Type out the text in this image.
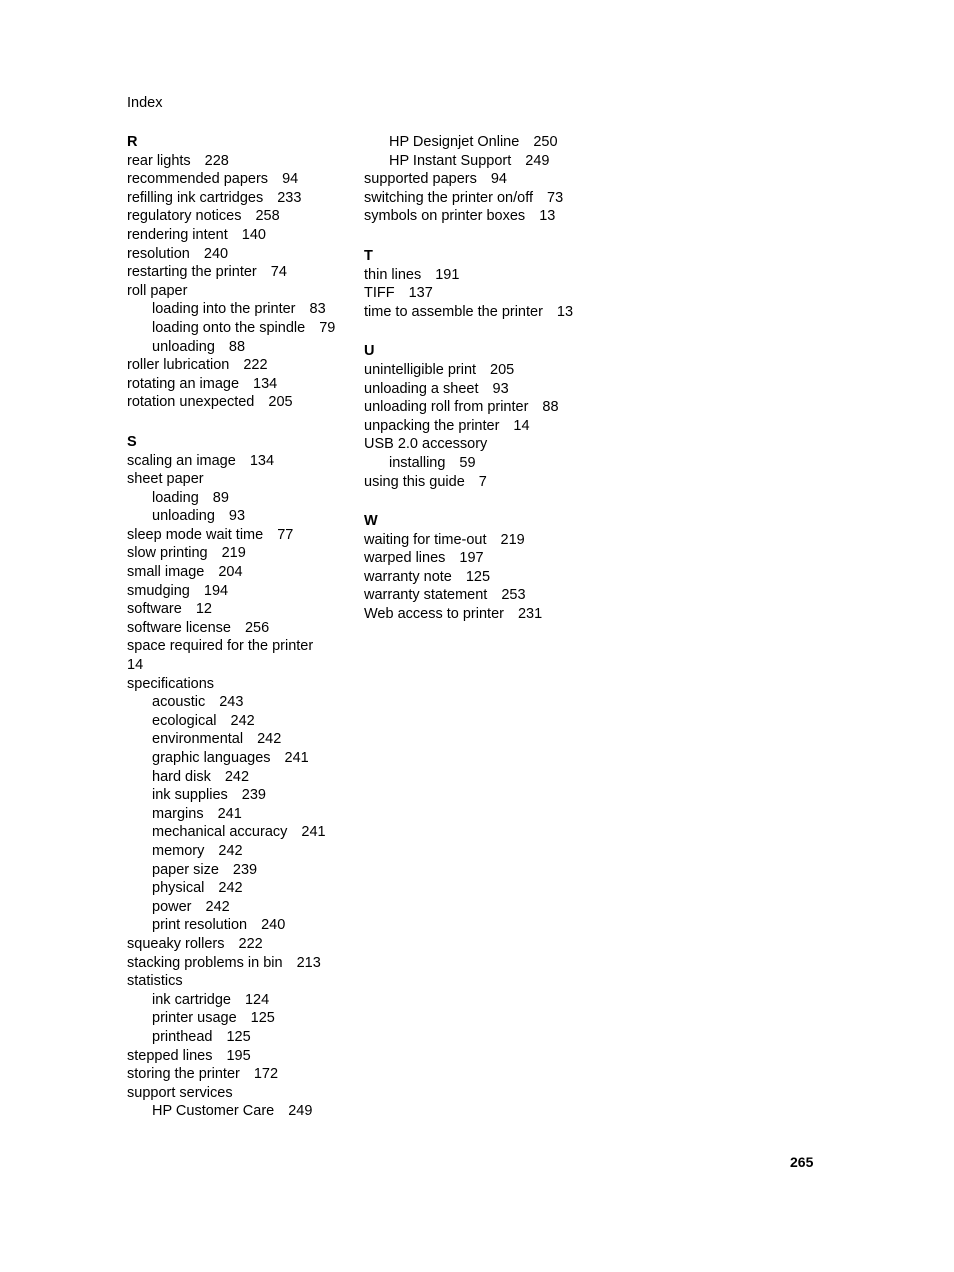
Index
R
rear lights 228
recommended papers 94
refilling ink cartridges 233
regulatory notices 258
rendering intent 140
resolution 240
restarting the printer 74
roll paper
loading into the printer 83
loading onto the spindle 79
unloading 88
roller lubrication 222
rotating an image 134
rotation unexpected 205
S
scaling an image 134
sheet paper
loading 89
unloading 93
sleep mode wait time 77
slow printing 219
small image 204
smudging 194
software 12
software license 256
space required for the printer
14
specifications
acoustic 243
ecological 242
environmental 242
graphic languages 241
hard disk 242
ink supplies 239
margins 241
mechanical accuracy 241
memory 242
paper size 239
physical 242
power 242
print resolution 240
squeaky rollers 222
stacking problems in bin 213
statistics
ink cartridge 124
printer usage 125
printhead 125
stepped lines 195
storing the printer 172
support services
HP Customer Care 249
HP Designjet Online 250
HP Instant Support 249
supported papers 94
switching the printer on/off 73
symbols on printer boxes 13
T
thin lines 191
TIFF 137
time to assemble the printer 13
U
unintelligible print 205
unloading a sheet 93
unloading roll from printer 88
unpacking the printer 14
USB 2.0 accessory
installing 59
using this guide 7
W
waiting for time-out 219
warped lines 197
warranty note 125
warranty statement 253
Web access to printer 231
265
